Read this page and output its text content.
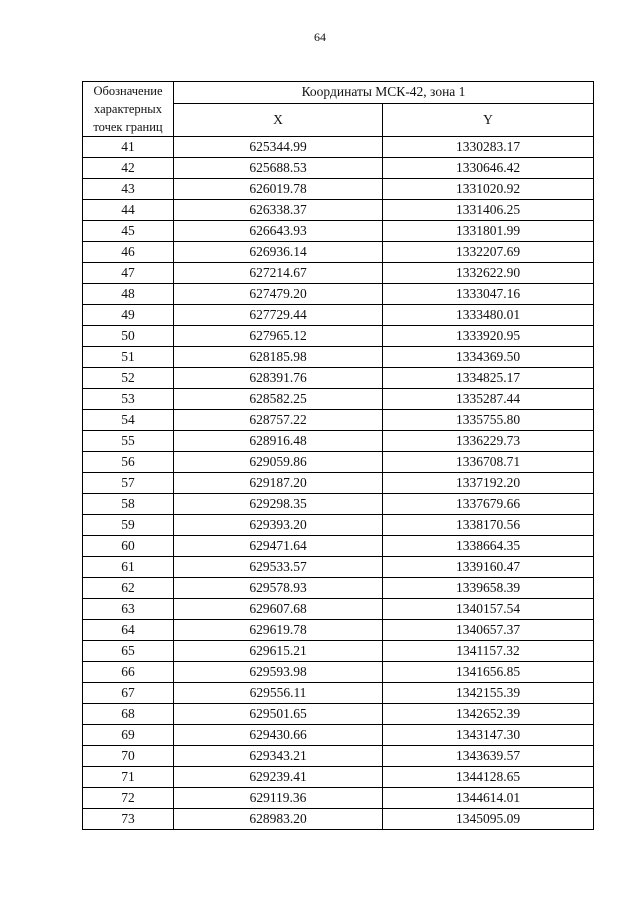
64
Обозначение характерных точек границ	Координаты МСК-42, зона 1	
	X	Y
41	625344.99	1330283.17
42	625688.53	1330646.42
43	626019.78	1331020.92
44	626338.37	1331406.25
45	626643.93	1331801.99
46	626936.14	1332207.69
47	627214.67	1332622.90
48	627479.20	1333047.16
49	627729.44	1333480.01
50	627965.12	1333920.95
51	628185.98	1334369.50
52	628391.76	1334825.17
53	628582.25	1335287.44
54	628757.22	1335755.80
55	628916.48	1336229.73
56	629059.86	1336708.71
57	629187.20	1337192.20
58	629298.35	1337679.66
59	629393.20	1338170.56
60	629471.64	1338664.35
61	629533.57	1339160.47
62	629578.93	1339658.39
63	629607.68	1340157.54
64	629619.78	1340657.37
65	629615.21	1341157.32
66	629593.98	1341656.85
67	629556.11	1342155.39
68	629501.65	1342652.39
69	629430.66	1343147.30
70	629343.21	1343639.57
71	629239.41	1344128.65
72	629119.36	1344614.01
73	628983.20	1345095.09
